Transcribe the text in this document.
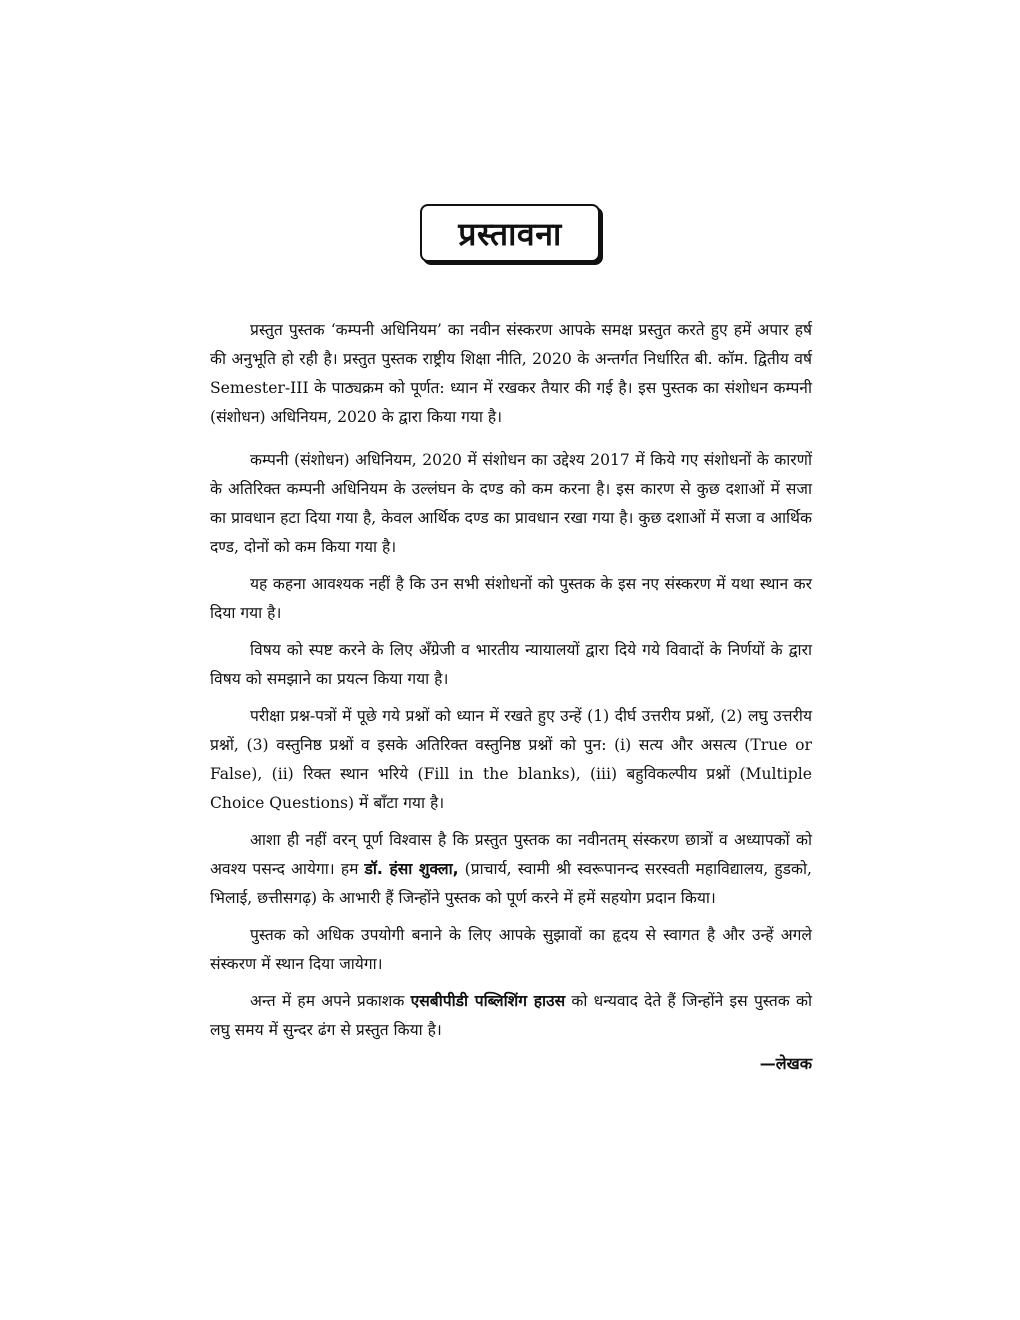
प्रस्तावना

प्रस्तुत पुस्तक ‘कम्पनी अधिनियम’ का नवीन संस्करण आपके समक्ष प्रस्तुत करते हुए हमें अपार हर्ष की अनुभूति हो रही है। प्रस्तुत पुस्तक राष्ट्रीय शिक्षा नीति, 2020 के अन्तर्गत निर्धारित बी. कॉम. द्वितीय वर्ष Semester-III के पाठ्यक्रम को पूर्णत: ध्यान में रखकर तैयार की गई है। इस पुस्तक का संशोधन कम्पनी (संशोधन) अधिनियम, 2020 के द्वारा किया गया है।

कम्पनी (संशोधन) अधिनियम, 2020 में संशोधन का उद्देश्य 2017 में किये गए संशोधनों के कारणों के अतिरिक्त कम्पनी अधिनियम के उल्लंघन के दण्ड को कम करना है। इस कारण से कुछ दशाओं में सजा का प्रावधान हटा दिया गया है, केवल आर्थिक दण्ड का प्रावधान रखा गया है। कुछ दशाओं में सजा व आर्थिक दण्ड, दोनों को कम किया गया है।

यह कहना आवश्यक नहीं है कि उन सभी संशोधनों को पुस्तक के इस नए संस्करण में यथा स्थान कर दिया गया है।

विषय को स्पष्ट करने के लिए अँग्रेजी व भारतीय न्यायालयों द्वारा दिये गये विवादों के निर्णयों के द्वारा विषय को समझाने का प्रयत्न किया गया है।

परीक्षा प्रश्न-पत्रों में पूछे गये प्रश्नों को ध्यान में रखते हुए उन्हें (1) दीर्घ उत्तरीय प्रश्नों, (2) लघु उत्तरीय प्रश्नों, (3) वस्तुनिष्ठ प्रश्नों व इसके अतिरिक्त वस्तुनिष्ठ प्रश्नों को पुन: (i) सत्य और असत्य (True or False), (ii) रिक्त स्थान भरिये (Fill in the blanks), (iii) बहुविकल्पीय प्रश्नों (Multiple Choice Questions) में बाँटा गया है।

आशा ही नहीं वरन् पूर्ण विश्वास है कि प्रस्तुत पुस्तक का नवीनतम् संस्करण छात्रों व अध्यापकों को अवश्य पसन्द आयेगा। हम डॉ. हंसा शुक्ला, (प्राचार्य, स्वामी श्री स्वरूपानन्द सरस्वती महाविद्यालय, हुडको, भिलाई, छत्तीसगढ़) के आभारी हैं जिन्होंने पुस्तक को पूर्ण करने में हमें सहयोग प्रदान किया।

पुस्तक को अधिक उपयोगी बनाने के लिए आपके सुझावों का हृदय से स्वागत है और उन्हें अगले संस्करण में स्थान दिया जायेगा।

अन्त में हम अपने प्रकाशक एसबीपीडी पब्लिशिंग हाउस को धन्यवाद देते हैं जिन्होंने इस पुस्तक को लघु समय में सुन्दर ढंग से प्रस्तुत किया है।

—लेखक
